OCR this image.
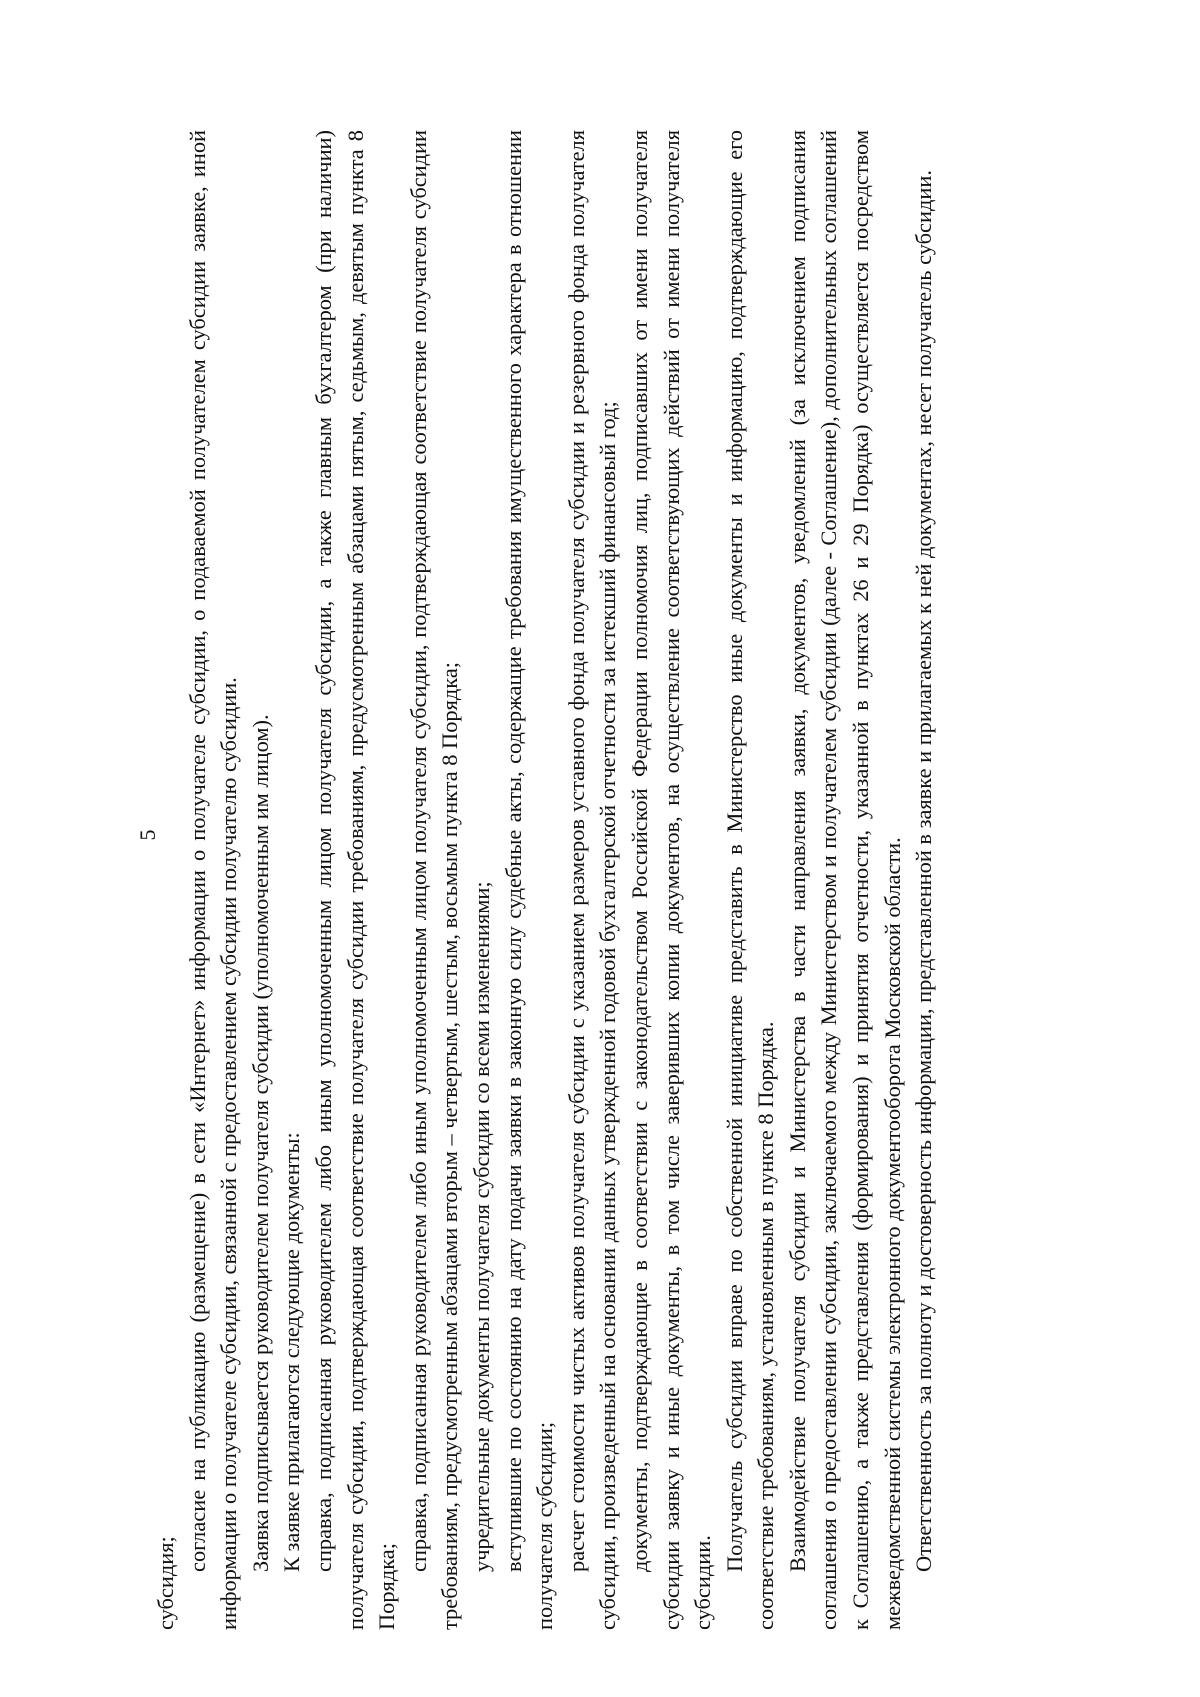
5

субсидия;

согласие на публикацию (размещение) в сети «Интернет» информации о получателе субсидии, о подаваемой получателем субсидии заявке, иной информации о получателе субсидии, связанной с предоставлением субсидии получателю субсидии. Заявка подписывается руководителем получателя субсидии (уполномоченным им лицом). К заявке прилагаются следующие документы: справка, подписанная руководителем либо иным уполномоченным лицом получателя субсидии, а также главным бухгалтером (при наличии) получателя субсидии, подтверждающая соответствие получателя субсидии требованиям, предусмотренным абзацами пятым, седьмым, девятым пункта 8 Порядка;

справка, подписанная руководителем либо иным уполномоченным лицом получателя субсидии, подтверждающая соответствие получателя субсидии требованиям, предусмотренным абзацами вторым – четвертым, шестым, восьмым пункта 8 Порядка; учредительные документы получателя субсидии со всеми изменениями; вступившие по состоянию на дату подачи заявки в законную силу судебные акты, содержащие требования имущественного характера в отношении получателя субсидии; расчет стоимости чистых активов получателя субсидии с указанием размеров уставного фонда получателя субсидии и резервного фонда получателя субсидии, произведенный на основании данных утвержденной годовой бухгалтерской отчетности за истекший финансовый год; документы, подтверждающие в соответствии с законодательством Российской Федерации полномочия лиц, подписавших от имени получателя субсидии заявку и иные документы, в том числе заверивших копии документов, на осуществление соответствующих действий от имени получателя субсидии.

Получатель субсидии вправе по собственной инициативе представить в Министерство иные документы и информацию, подтверждающие его соответствие требованиям, установленным в пункте 8 Порядка. Взаимодействие получателя субсидии и Министерства в части направления заявки, документов, уведомлений (за исключением подписания соглашения о предоставлении субсидии, заключаемого между Министерством и получателем субсидии (далее - Соглашение), дополнительных соглашений к Соглашению, а также представления (формирования) и принятия отчетности, указанной в пунктах 26 и 29 Порядка) осуществляется посредством межведомственной системы электронного документооборота Московской области. Ответственность за полноту и достоверность информации, представленной в заявке и прилагаемых к ней документах, несет получатель субсидии.
